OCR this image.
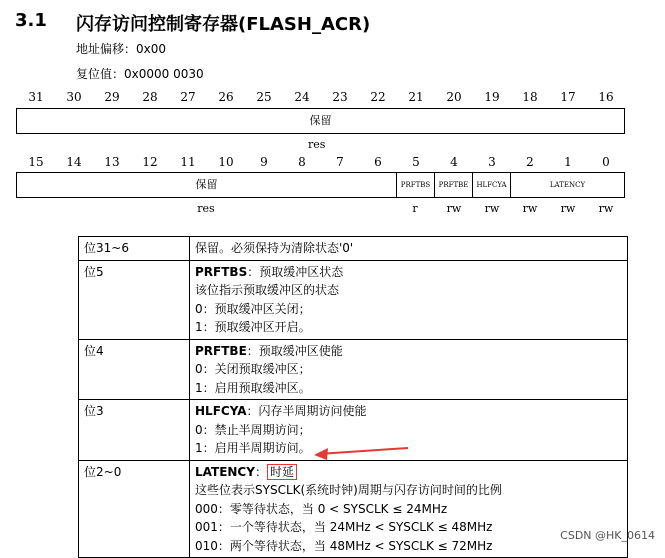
3.1 闪存访问控制寄存器(FLASH_ACR)
地址偏移：0x00
复位值：0x0000 0030
31	30	29	28	27	26	25	24	23	22	21	20	19	18	17	16
保留
res
15	14	13	12	11	10	9	8	7	6	5	4	3	2	1	0
保留	PRFTBS	PRFTBE	HLFCYA	LATENCY
res	r	rw	rw	rw	rw	rw
位31~6	保留。必须保持为清除状态'0'

位5	PRFTBS：预取缓冲区状态
该位指示预取缓冲区的状态
0：预取缓冲区关闭；
1：预取缓冲区开启。

位4	PRFTBE：预取缓冲区使能
0：关闭预取缓冲区；
1：启用预取缓冲区。

位3	HLFCYA：闪存半周期访问使能
0：禁止半周期访问；
1：启用半周期访问。

位2~0	LATENCY： 时延
这些位表示SYSCLK(系统时钟)周期与闪存访问时间的比例
000：零等待状态，当 0 < SYSCLK ≤ 24MHz
001：一个等待状态，当 24MHz < SYSCLK ≤ 48MHz
010：两个等待状态，当 48MHz < SYSCLK ≤ 72MHz
CSDN @HK_0614
